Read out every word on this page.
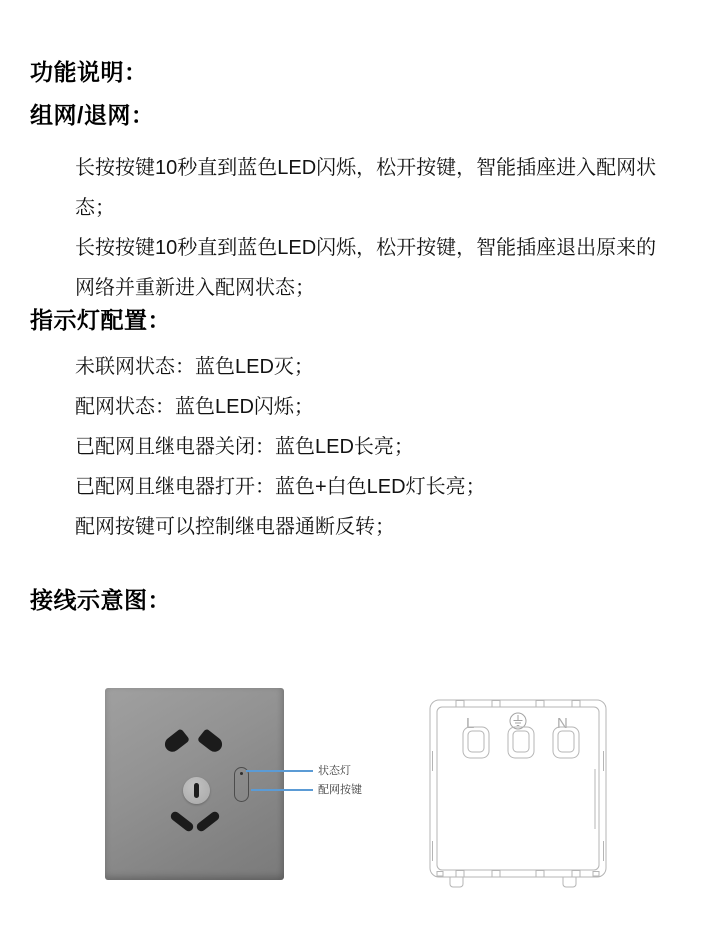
功能说明：
组网/退网：

长按按键10秒直到蓝色LED闪烁，松开按键，智能插座进入配网状态；

长按按键10秒直到蓝色LED闪烁，松开按键，智能插座退出原来的网络并重新进入配网状态；

指示灯配置：
未联网状态：蓝色LED灭；
配网状态：蓝色LED闪烁；
已配网且继电器关闭：蓝色LED长亮；
已配网且继电器打开：蓝色+白色LED灯长亮；
配网按键可以控制继电器通断反转；
接线示意图：
状态灯
配网按键
L	N
